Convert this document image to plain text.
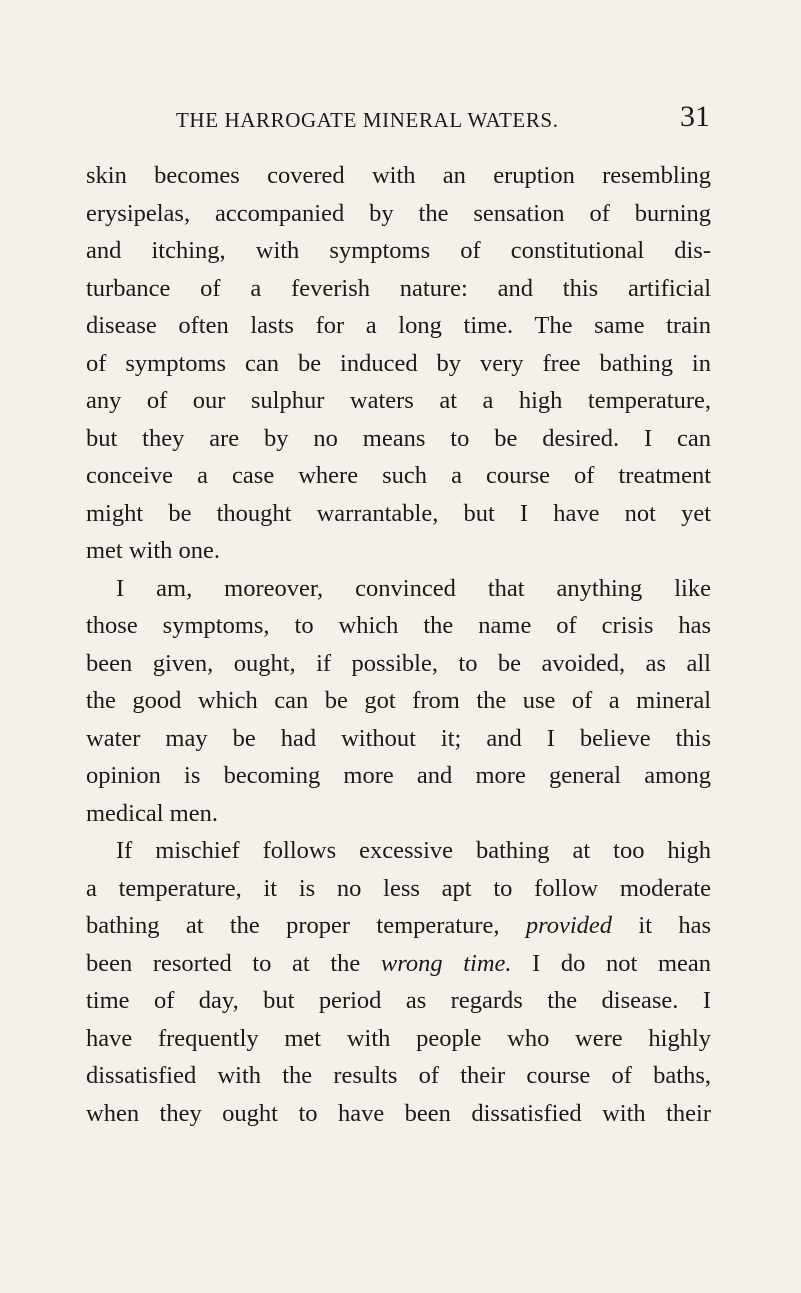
THE HARROGATE MINERAL WATERS.	31
skin becomes covered with an eruption resembling
erysipelas, accompanied by the sensation of burning
and itching, with symptoms of constitutional dis-
turbance of a feverish nature: and this artificial
disease often lasts for a long time. The same train
of symptoms can be induced by very free bathing in
any of our sulphur waters at a high temperature,
but they are by no means to be desired. I can
conceive a case where such a course of treatment
might be thought warrantable, but I have not yet
met with one.
I am, moreover, convinced that anything like
those symptoms, to which the name of crisis has
been given, ought, if possible, to be avoided, as all
the good which can be got from the use of a mineral
water may be had without it; and I believe this
opinion is becoming more and more general among
medical men.
If mischief follows excessive bathing at too high
a temperature, it is no less apt to follow moderate
bathing at the proper temperature, provided it has
been resorted to at the wrong time. I do not mean
time of day, but period as regards the disease. I
have frequently met with people who were highly
dissatisfied with the results of their course of baths,
when they ought to have been dissatisfied with their
